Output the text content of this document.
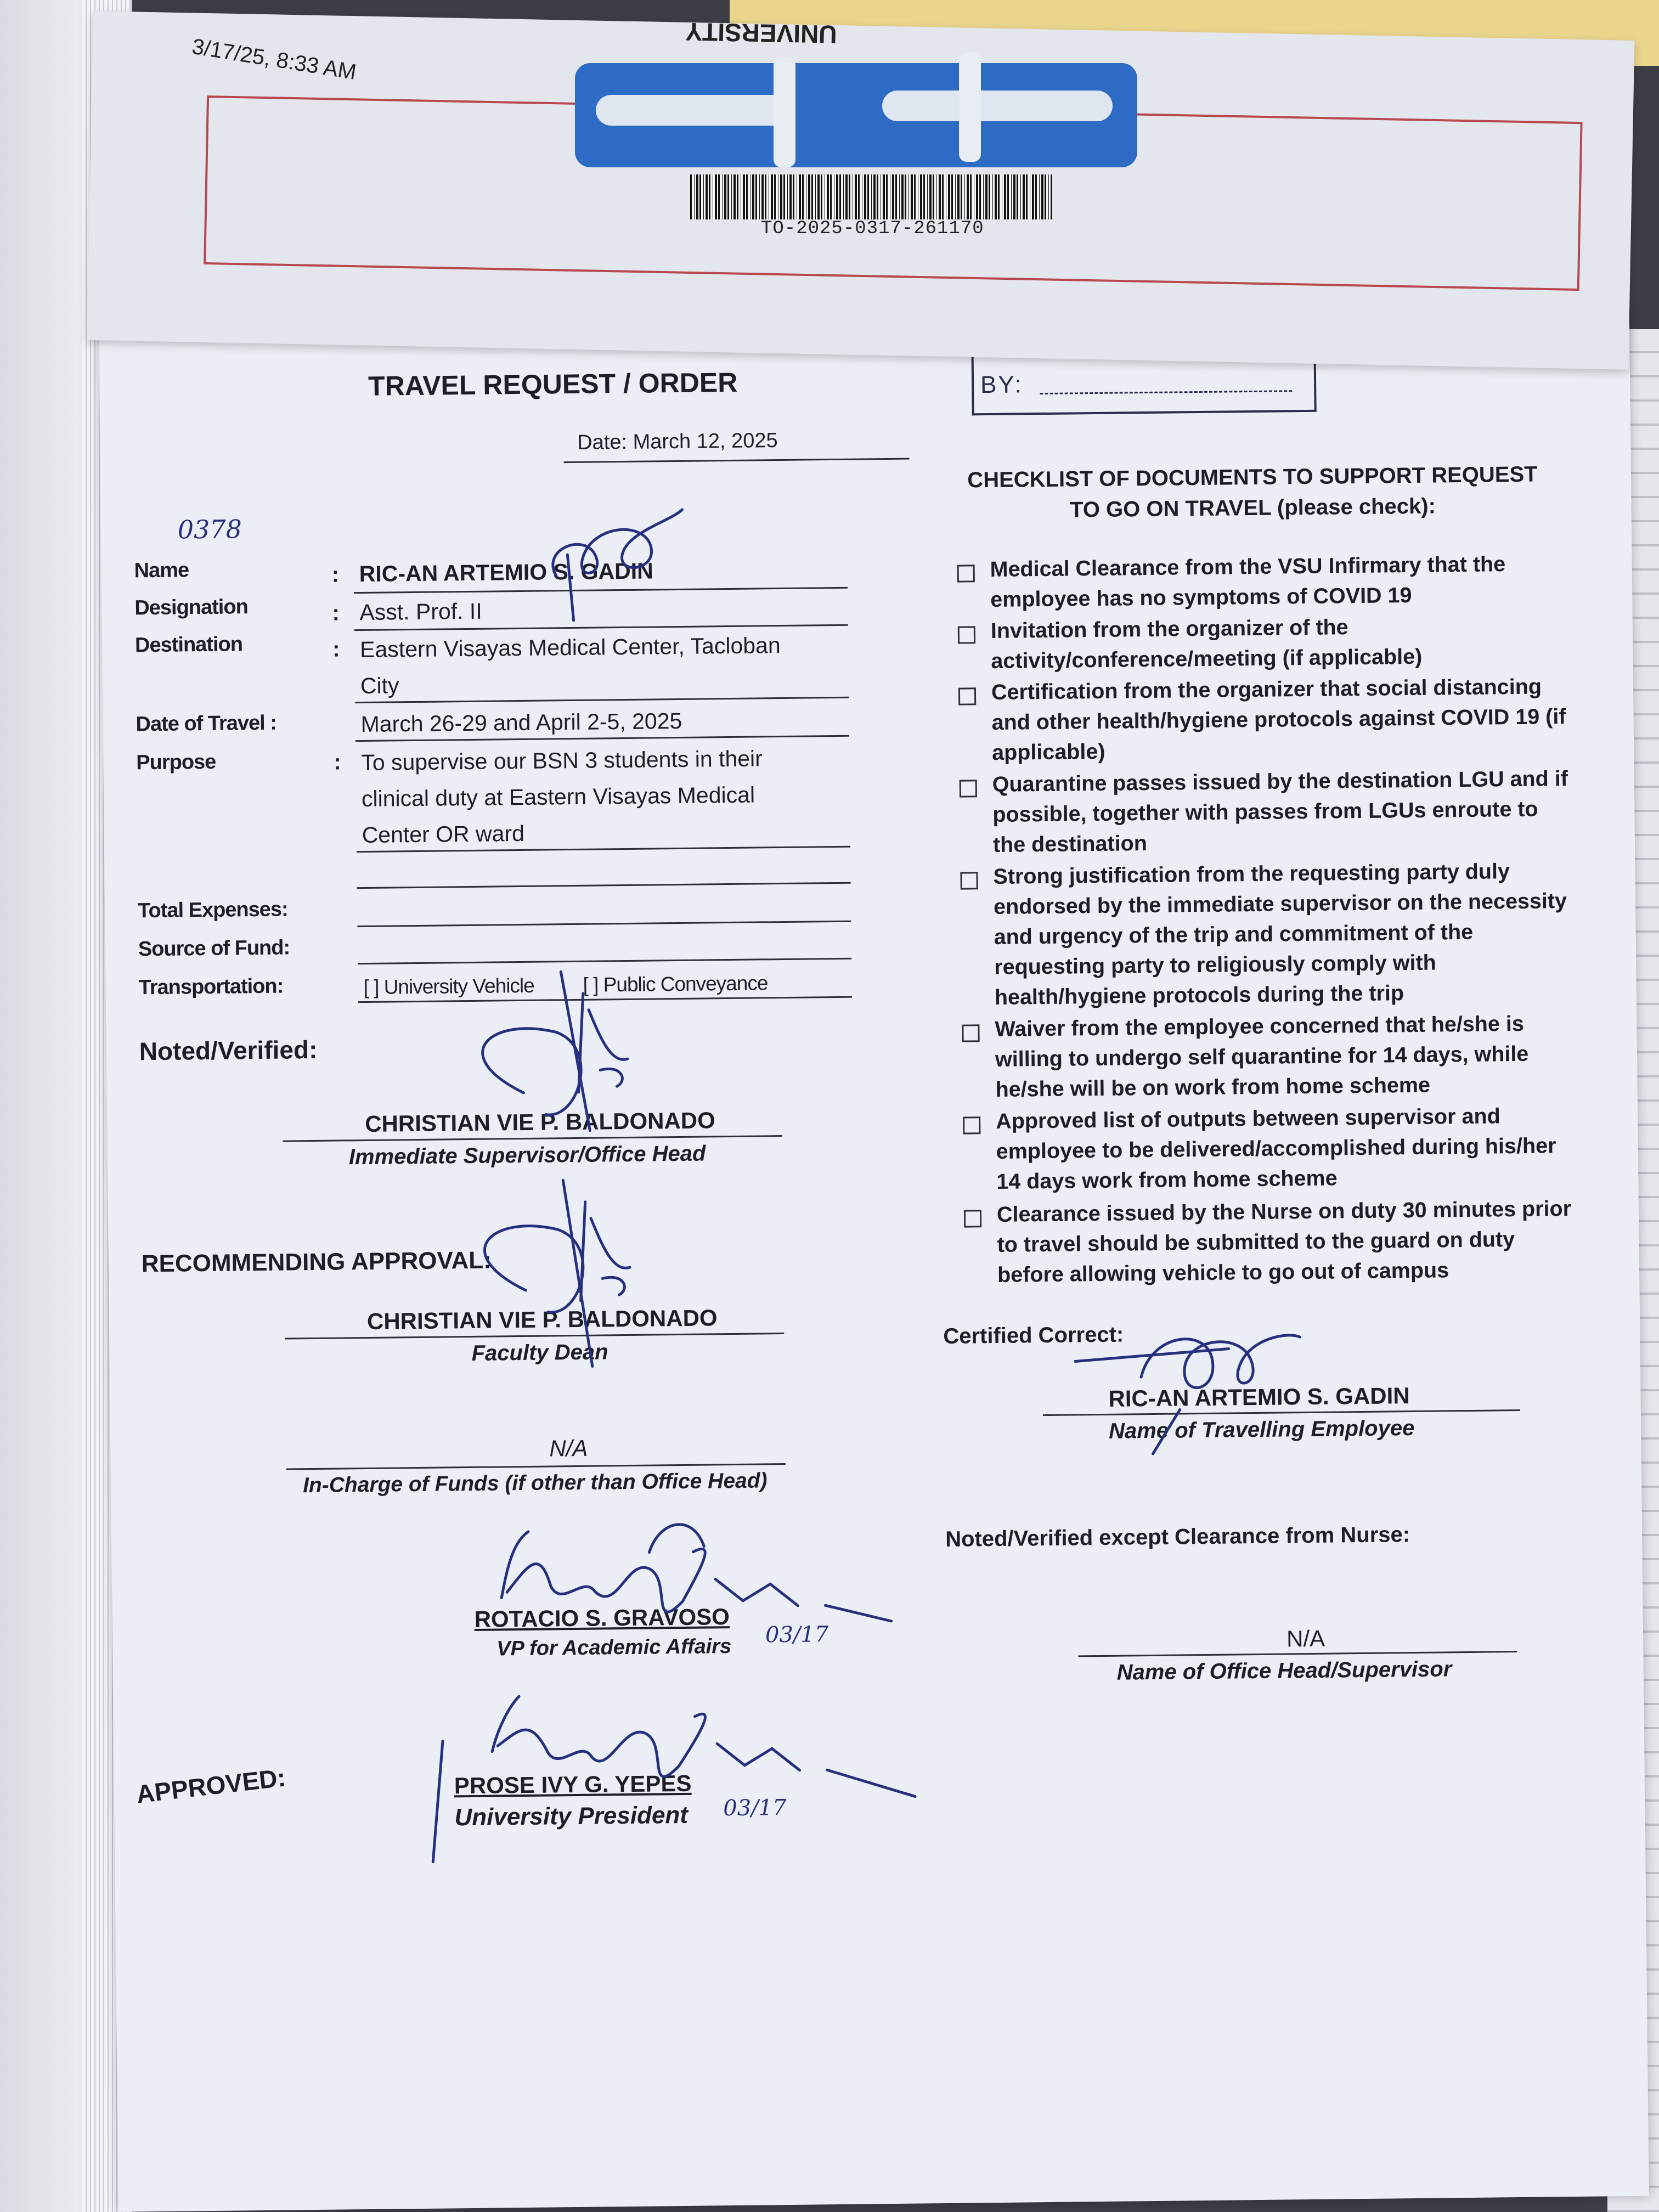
BY:
TRAVEL REQUEST / ORDER
Date: March 12, 2025
0378
Name	: RIC-AN ARTEMIO S. GADIN
Designation	: Asst. Prof. II
Destination	: Eastern Visayas Medical Center, Tacloban
City
Date of Travel :	March 26-29 and April 2-5, 2025
Purpose	: To supervise our BSN 3 students in their
clinical duty at Eastern Visayas Medical
Center OR ward
Total Expenses:
Source of Fund:
Transportation:	[ ] University Vehicle [ ] Public Conveyance
Noted/Verified:
CHRISTIAN VIE P. BALDONADO
Immediate Supervisor/Office Head
RECOMMENDING APPROVAL:
CHRISTIAN VIE P. BALDONADO
Faculty Dean
N/A
In-Charge of Funds (if other than Office Head)
ROTACIO S. GRAVOSO
VP for Academic Affairs 03/17
APPROVED:	PROSE IVY G. YEPES
University President 03/17
CHECKLIST OF DOCUMENTS TO SUPPORT REQUEST
TO GO ON TRAVEL (please check):
Medical Clearance from the VSU Infirmary that the employee has no symptoms of COVID 19
Invitation from the organizer of the activity/conference/meeting (if applicable)
Certification from the organizer that social distancing and other health/hygiene protocols against COVID 19 (if applicable)
Quarantine passes issued by the destination LGU and if possible, together with passes from LGUs enroute to the destination
Strong justification from the requesting party duly endorsed by the immediate supervisor on the necessity and urgency of the trip and commitment of the requesting party to religiously comply with health/hygiene protocols during the trip
Waiver from the employee concerned that he/she is willing to undergo self quarantine for 14 days, while he/she will be on work from home scheme
Approved list of outputs between supervisor and employee to be delivered/accomplished during his/her 14 days work from home scheme
Clearance issued by the Nurse on duty 30 minutes prior to travel should be submitted to the guard on duty before allowing vehicle to go out of campus
Certified Correct:
RIC-AN ARTEMIO S. GADIN
Name of Travelling Employee
Noted/Verified except Clearance from Nurse:
N/A
Name of Office Head/Supervisor
3/17/25, 8:33 AM
UNIVERSITY
TO-2025-0317-261170
